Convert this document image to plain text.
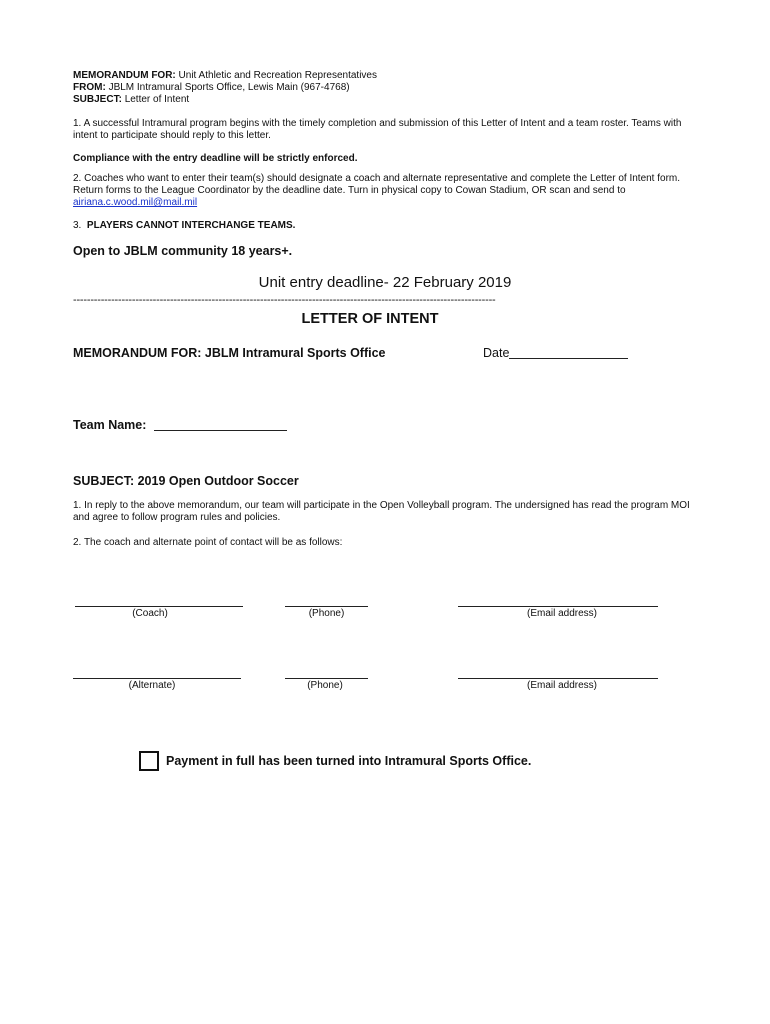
MEMORANDUM FOR: Unit Athletic and Recreation Representatives
FROM: JBLM Intramural Sports Office, Lewis Main (967-4768)
SUBJECT: Letter of Intent
1. A successful Intramural program begins with the timely completion and submission of this Letter of Intent and a team roster. Teams with intent to participate should reply to this letter.
Compliance with the entry deadline will be strictly enforced.
2. Coaches who want to enter their team(s) should designate a coach and alternate representative and complete the Letter of Intent form. Return forms to the League Coordinator by the deadline date. Turn in physical copy to Cowan Stadium, OR scan and send to
airiana.c.wood.mil@mail.mil
3. PLAYERS CANNOT INTERCHANGE TEAMS.
Open to JBLM community 18 years+.
Unit entry deadline- 22 February 2019
--------------------------------------------------------------------------------------------------------------------------
LETTER OF INTENT
MEMORANDUM FOR: JBLM Intramural Sports Office	Date
Team Name:
SUBJECT: 2019 Open Outdoor Soccer
1. In reply to the above memorandum, our team will participate in the Open Volleyball program. The undersigned has read the program MOI and agree to follow program rules and policies.
2. The coach and alternate point of contact will be as follows:
(Coach)	(Phone)	(Email address)
(Alternate)	(Phone)	(Email address)
Payment in full has been turned into Intramural Sports Office.
